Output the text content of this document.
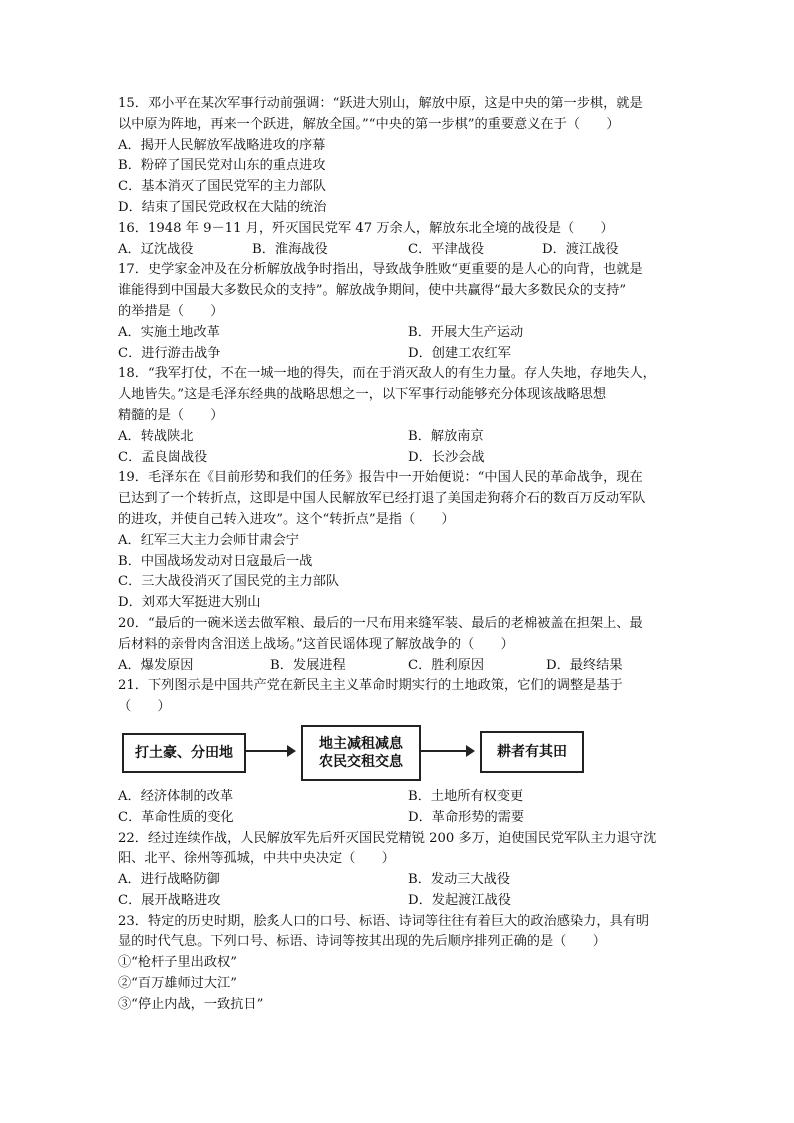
15．邓小平在某次军事行动前强调：“跃进大别山，解放中原，这是中央的第一步棋，就是
以中原为阵地，再来一个跃进，解放全国。”“中央的第一步棋”的重要意义在于（　　）
A．揭开人民解放军战略进攻的序幕
B．粉碎了国民党对山东的重点进攻
C．基本消灭了国民党军的主力部队
D．结束了国民党政权在大陆的统治
16．1948 年 9－11 月，歼灭国民党军 47 万余人，解放东北全境的战役是（　　）
A．辽沈战役	B．淮海战役	C．平津战役	D．渡江战役
17．史学家金冲及在分析解放战争时指出，导致战争胜败“更重要的是人心的向背，也就是
谁能得到中国最大多数民众的支持”。解放战争期间，使中共赢得“最大多数民众的支持”
的举措是（　　）
A．实施土地改革	B．开展大生产运动
C．进行游击战争	D．创建工农红军
18．“我军打仗，不在一城一地的得失，而在于消灭敌人的有生力量。存人失地，存地失人，
人地皆失。”这是毛泽东经典的战略思想之一，以下军事行动能够充分体现该战略思想
精髓的是（　　）
A．转战陕北	B．解放南京
C．孟良崮战役	D．长沙会战
19．毛泽东在《目前形势和我们的任务》报告中一开始便说：“中国人民的革命战争，现在
已达到了一个转折点，这即是中国人民解放军已经打退了美国走狗蒋介石的数百万反动军队
的进攻，并使自己转入进攻”。这个“转折点”是指（　　）
A．红军三大主力会师甘肃会宁
B．中国战场发动对日寇最后一战
C．三大战役消灭了国民党的主力部队
D．刘邓大军挺进大别山
20．“最后的一碗米送去做军粮、最后的一尺布用来缝军装、最后的老棉被盖在担架上、最
后材料的亲骨肉含泪送上战场。”这首民谣体现了解放战争的（　　）
A．爆发原因	B．发展进程	C．胜利原因	D．最终结果
21．下列图示是中国共产党在新民主主义革命时期实行的土地政策，它们的调整是基于
（　　）
打土豪、分田地
地主减租减息
农民交租交息
耕者有其田
A．经济体制的改革	B．土地所有权变更
C．革命性质的变化	D．革命形势的需要
22．经过连续作战，人民解放军先后歼灭国民党精锐 200 多万，迫使国民党军队主力退守沈
阳、北平、徐州等孤城，中共中央决定（　　）
A．进行战略防御	B．发动三大战役
C．展开战略进攻	D．发起渡江战役
23．特定的历史时期，脍炙人口的口号、标语、诗词等往往有着巨大的政治感染力，具有明
显的时代气息。下列口号、标语、诗词等按其出现的先后顺序排列正确的是（　　）
①“枪杆子里出政权”
②“百万雄师过大江”
③“停止内战，一致抗日”
